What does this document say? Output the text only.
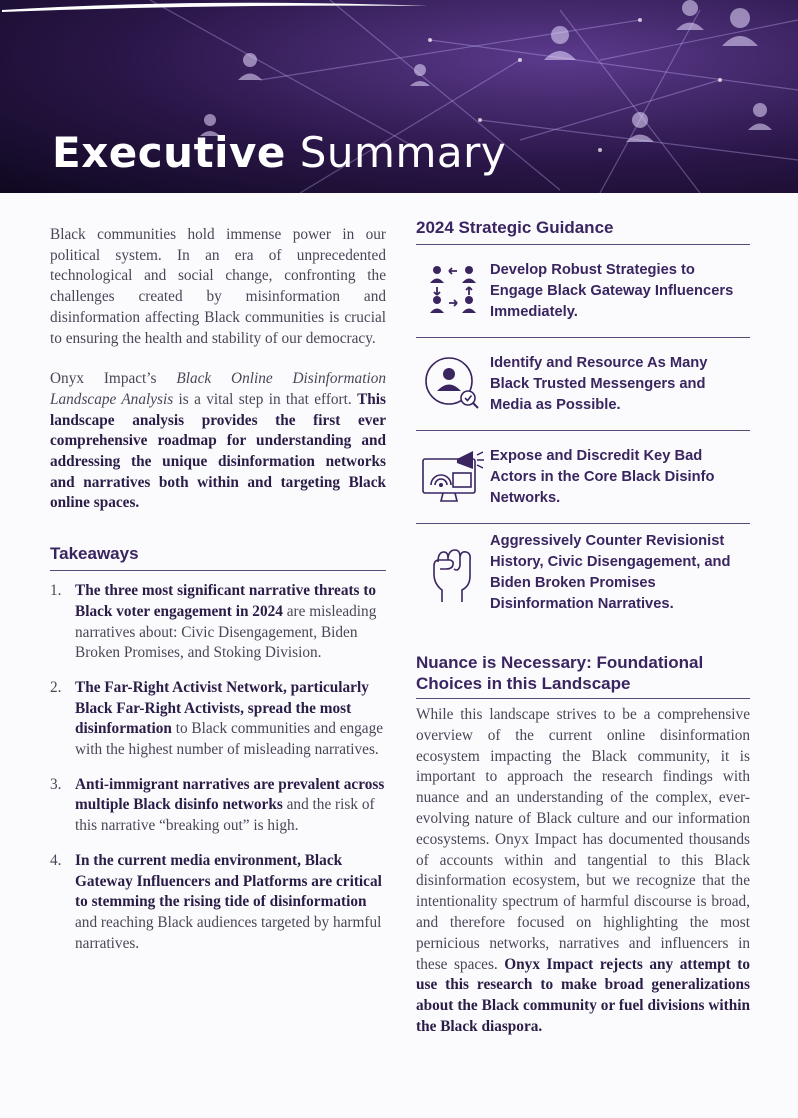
Executive Summary

Black communities hold immense power in our political system. In an era of unprecedented technological and social change, confronting the challenges created by misinformation and disinformation affecting Black communities is crucial to ensuring the health and stability of our democracy.

Onyx Impact’s Black Online Disinformation Landscape Analysis is a vital step in that effort. This landscape analysis provides the first ever comprehensive roadmap for understanding and addressing the unique disinformation networks and narratives both within and targeting Black online spaces.

Takeaways
1. The three most significant narrative threats to Black voter engagement in 2024 are misleading narratives about: Civic Disengagement, Biden Broken Promises, and Stoking Division.
2. The Far-Right Activist Network, particularly Black Far-Right Activists, spread the most disinformation to Black communities and engage with the highest number of misleading narratives.
3. Anti-immigrant narratives are prevalent across multiple Black disinfo networks and the risk of this narrative “breaking out” is high.
4. In the current media environment, Black Gateway Influencers and Platforms are critical to stemming the rising tide of disinformation and reaching Black audiences targeted by harmful narratives.
2024 Strategic Guidance
Develop Robust Strategies to Engage Black Gateway Influencers Immediately.
Identify and Resource As Many Black Trusted Messengers and Media as Possible.
Expose and Discredit Key Bad Actors in the Core Black Disinfo Networks.
Aggressively Counter Revisionist History, Civic Disengagement, and Biden Broken Promises Disinformation Narratives.
Nuance is Necessary: Foundational Choices in this Landscape

While this landscape strives to be a comprehensive overview of the current online disinformation ecosystem impacting the Black community, it is important to approach the research findings with nuance and an understanding of the complex, ever-evolving nature of Black culture and our information ecosystems. Onyx Impact has documented thousands of accounts within and tangential to this Black disinformation ecosystem, but we recognize that the intentionality spectrum of harmful discourse is broad, and therefore focused on highlighting the most pernicious networks, narratives and influencers in these spaces. Onyx Impact rejects any attempt to use this research to make broad generalizations about the Black community or fuel divisions within the Black diaspora.
